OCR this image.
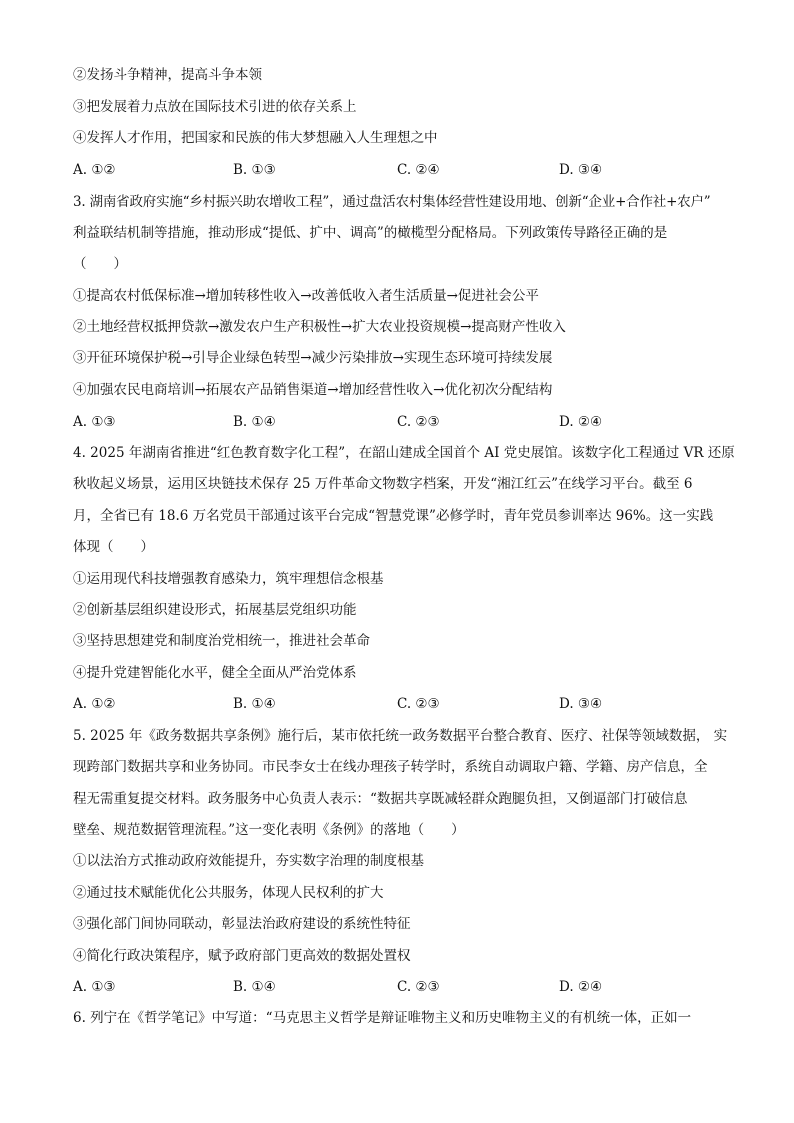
②发扬斗争精神，提高斗争本领
③把发展着力点放在国际技术引进的依存关系上
④发挥人才作用，把国家和民族的伟大梦想融入人生理想之中
A. ①②	B. ①③	C. ②④	D. ③④
3. 湖南省政府实施“乡村振兴助农增收工程”，通过盘活农村集体经营性建设用地、创新“企业+合作社+农户”
利益联结机制等措施，推动形成“提低、扩中、调高”的橄榄型分配格局。下列政策传导路径正确的是
（　　）
①提高农村低保标准→增加转移性收入→改善低收入者生活质量→促进社会公平
②土地经营权抵押贷款→激发农户生产积极性→扩大农业投资规模→提高财产性收入
③开征环境保护税→引导企业绿色转型→减少污染排放→实现生态环境可持续发展
④加强农民电商培训→拓展农产品销售渠道→增加经营性收入→优化初次分配结构
A. ①③	B. ①④	C. ②③	D. ②④
4. 2025 年湖南省推进“红色教育数字化工程”，在韶山建成全国首个 AI 党史展馆。该数字化工程通过 VR 还原
秋收起义场景，运用区块链技术保存 25 万件革命文物数字档案，开发“湘江红云”在线学习平台。截至 6
月，全省已有 18.6 万名党员干部通过该平台完成“智慧党课”必修学时，青年党员参训率达 96%。这一实践
体现（　　）
①运用现代科技增强教育感染力，筑牢理想信念根基
②创新基层组织建设形式，拓展基层党组织功能
③坚持思想建党和制度治党相统一，推进社会革命
④提升党建智能化水平，健全全面从严治党体系
A. ①②	B. ①④	C. ②③	D. ③④
5. 2025 年《政务数据共享条例》施行后，某市依托统一政务数据平台整合教育、医疗、社保等领域数据， 实
现跨部门数据共享和业务协同。市民李女士在线办理孩子转学时，系统自动调取户籍、学籍、房产信息，全
程无需重复提交材料。政务服务中心负责人表示：“数据共享既减轻群众跑腿负担，又倒逼部门打破信息
壁垒、规范数据管理流程。”这一变化表明《条例》的落地（　　）
①以法治方式推动政府效能提升，夯实数字治理的制度根基
②通过技术赋能优化公共服务，体现人民权利的扩大
③强化部门间协同联动，彰显法治政府建设的系统性特征
④简化行政决策程序，赋予政府部门更高效的数据处置权
A. ①③	B. ①④	C. ②③	D. ②④
6. 列宁在《哲学笔记》中写道：“马克思主义哲学是辩证唯物主义和历史唯物主义的有机统一体，正如一
